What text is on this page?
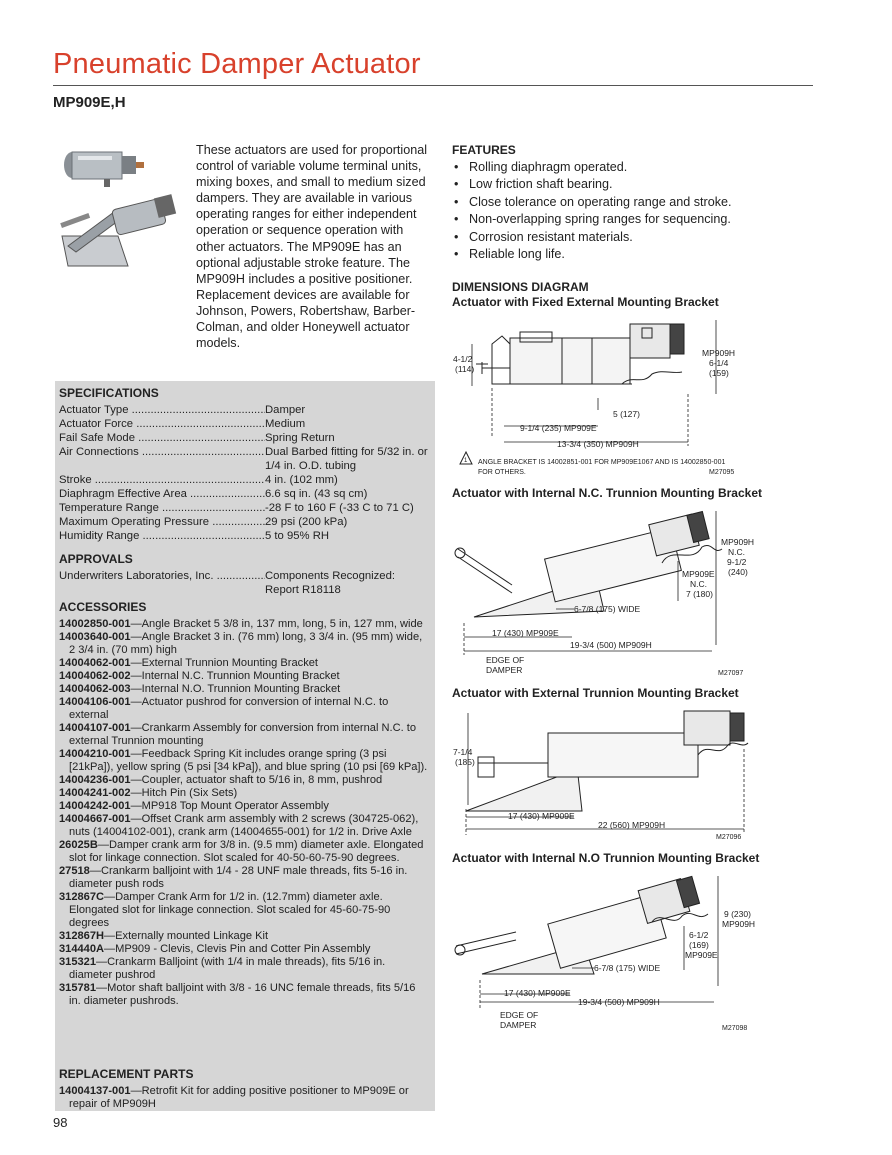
Pneumatic Damper Actuator
MP909E,H
These actuators are used for proportional control of variable volume terminal units, mixing boxes, and small to medium sized dampers. They are available in various operating ranges for either independent operation or sequence operation with other actuators. The MP909E has an optional adjustable stroke feature. The MP909H includes a positive positioner. Replacement devices are available for Johnson, Powers, Robertshaw, Barber-Colman, and older Honeywell actuator models.
SPECIFICATIONS
Actuator Type .....	Damper
Actuator Force .....	Medium
Fail Safe Mode .....	Spring Return
Air Connections .....	Dual Barbed fitting for 5/32 in. or 1/4 in. O.D. tubing
Stroke .....	4 in. (102 mm)
Diaphragm Effective Area .....	6.6 sq in. (43 sq cm)
Temperature Range .....	-28 F to 160 F (-33 C to 71 C)
Maximum Operating Pressure .....	29 psi (200 kPa)
Humidity Range .....	5 to 95% RH
APPROVALS
Underwriters Laboratories, Inc. .....	Components Recognized: Report R18118
ACCESSORIES
14002850-001—Angle Bracket 5 3/8 in, 137 mm, long, 5 in, 127 mm, wide
14003640-001—Angle Bracket 3 in. (76 mm) long, 3 3/4 in. (95 mm) wide, 2 3/4 in. (70 mm) high
14004062-001—External Trunnion Mounting Bracket
14004062-002—Internal N.C. Trunnion Mounting Bracket
14004062-003—Internal N.O. Trunnion Mounting Bracket
14004106-001—Actuator pushrod for conversion of internal N.C. to external
14004107-001—Crankarm Assembly for conversion from internal N.C. to external Trunnion mounting
14004210-001—Feedback Spring Kit includes orange spring (3 psi [21kPa]), yellow spring (5 psi [34 kPa]), and blue spring (10 psi [69 kPa]).
14004236-001—Coupler, actuator shaft to 5/16 in, 8 mm, pushrod
14004241-002—Hitch Pin (Six Sets)
14004242-001—MP918 Top Mount Operator Assembly
14004667-001—Offset Crank arm assembly with 2 screws (304725-062), nuts (14004102-001), crank arm (14004655-001) for 1/2 in. Drive Axle
26025B—Damper crank arm for 3/8 in. (9.5 mm) diameter axle. Elongated slot for linkage connection. Slot scaled for 40-50-60-75-90 degrees.
27518—Crankarm balljoint with 1/4 - 28 UNF male threads, fits 5-16 in. diameter push rods
312867C—Damper Crank Arm for 1/2 in. (12.7mm) diameter axle. Elongated slot for linkage connection. Slot scaled for 45-60-75-90 degrees
312867H—Externally mounted Linkage Kit
314440A—MP909 - Clevis, Clevis Pin and Cotter Pin Assembly
315321—Crankarm Balljoint (with 1/4 in male threads), fits 5/16 in. diameter pushrod
315781—Motor shaft balljoint with 3/8 - 16 UNC female threads, fits 5/16 in. diameter pushrods.
REPLACEMENT PARTS
14004137-001—Retrofit Kit for adding positive positioner to MP909E or repair of MP909H
98
FEATURES
• Rolling diaphragm operated.
• Low friction shaft bearing.
• Close tolerance on operating range and stroke.
• Non-overlapping spring ranges for sequencing.
• Corrosion resistant materials.
• Reliable long life.
DIMENSIONS DIAGRAM
Actuator with Fixed External Mounting Bracket
4-1/2
(114)
MP909H
6-1/4
(159)
5 (127)
9-1/4 (235) MP909E
13-3/4 (350) MP909H
1 ANGLE BRACKET IS 14002851-001 FOR MP909E1067 AND IS 14002850-001
FOR OTHERS.	M27095
Actuator with Internal N.C. Trunnion Mounting Bracket
MP909H
N.C.
9-1/2
(240)
MP909E
N.C.
7 (180)
6-7/8 (175) WIDE
17 (430) MP909E
19-3/4 (500) MP909H
EDGE OF
DAMPER	M27097
Actuator with External Trunnion Mounting Bracket
7-1/4
(185)
17 (430) MP909E
22 (560) MP909H
M27096
Actuator with Internal N.O Trunnion Mounting Bracket
9 (230)
MP909H
6-1/2
(169)
MP909E
6-7/8 (175) WIDE
17 (430) MP909E
19-3/4 (500) MP909H
EDGE OF
DAMPER	M27098
